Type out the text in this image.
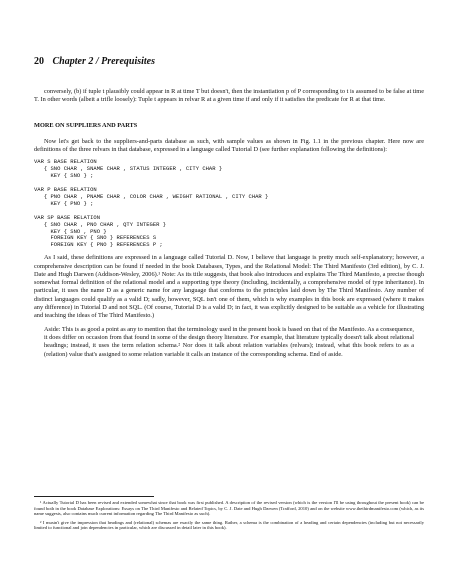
20 Chapter 2 / Prerequisites

conversely, (b) if tuple t plausibly could appear in R at time T but doesn't, then the instantiation p of P corresponding to t is assumed to be false at time T. In other words (albeit a trifle loosely): Tuple t appears in relvar R at a given time if and only if it satisfies the predicate for R at that time.

MORE ON SUPPLIERS AND PARTS

Now let's get back to the suppliers-and-parts database as such, with sample values as shown in Fig. 1.1 in the previous chapter. Here now are definitions of the three relvars in that database, expressed in a language called Tutorial D (see further explanation following the definitions):

VAR S BASE RELATION
{ SNO CHAR , SNAME CHAR , STATUS INTEGER , CITY CHAR }
KEY { SNO } ;

VAR P BASE RELATION
{ PNO CHAR , PNAME CHAR , COLOR CHAR , WEIGHT RATIONAL , CITY CHAR }
KEY { PNO } ;

VAR SP BASE RELATION
{ SNO CHAR , PNO CHAR , QTY INTEGER }
KEY { SNO , PNO }
FOREIGN KEY { SNO } REFERENCES S
FOREIGN KEY { PNO } REFERENCES P ;

As I said, these definitions are expressed in a language called Tutorial D. Now, I believe that language is pretty much self-explanatory; however, a comprehensive description can be found if needed in the book Databases, Types, and the Relational Model: The Third Manifesto (3rd edition), by C. J. Date and Hugh Darwen (Addison-Wesley, 2006).¹ Note: As its title suggests, that book also introduces and explains The Third Manifesto, a precise though somewhat formal definition of the relational model and a supporting type theory (including, incidentally, a comprehensive model of type inheritance). In particular, it uses the name D as a generic name for any language that conforms to the principles laid down by The Third Manifesto. Any number of distinct languages could qualify as a valid D; sadly, however, SQL isn't one of them, which is why examples in this book are expressed (where it makes any difference) in Tutorial D and not SQL. (Of course, Tutorial D is a valid D; in fact, it was explicitly designed to be suitable as a vehicle for illustrating and teaching the ideas of The Third Manifesto.)

Aside: This is as good a point as any to mention that the terminology used in the present book is based on that of the Manifesto. As a consequence, it does differ on occasion from that found in some of the design theory literature. For example, that literature typically doesn't talk about relational headings; instead, it uses the term relation schema.² Nor does it talk about relation variables (relvars); instead, what this book refers to as a (relation) value that's assigned to some relation variable it calls an instance of the corresponding schema. End of aside.

¹ Actually Tutorial D has been revised and extended somewhat since that book was first published. A description of the revised version (which is the version I'll be using throughout the present book) can be found both in the book Database Explorations: Essays on The Third Manifesto and Related Topics, by C. J. Date and Hugh Darwen (Trafford, 2010) and on the website www.thethirdmanifesto.com (which, as its name suggests, also contains much current information regarding The Third Manifesto as such).

² I mustn't give the impression that headings and (relational) schemas are exactly the same thing. Rather, a schema is the combination of a heading and certain dependencies (including but not necessarily limited to functional and join dependencies in particular, which are discussed in detail later in this book).
